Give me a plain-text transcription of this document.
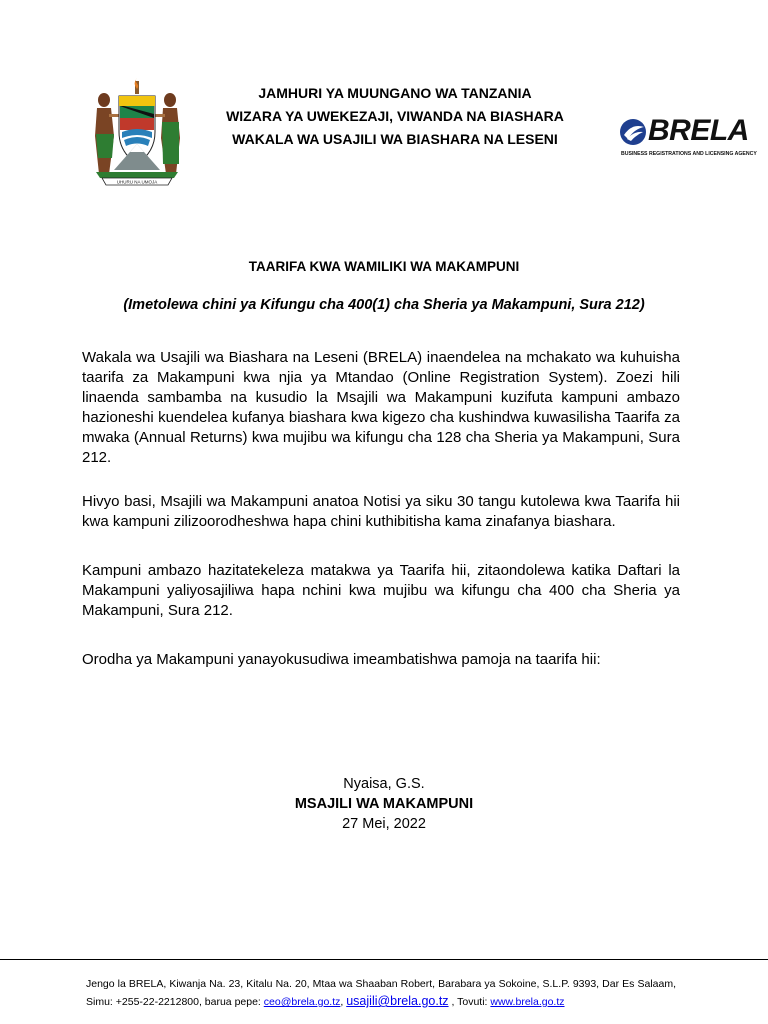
UHURU NA UMOJA
JAMHURI YA MUUNGANO WA TANZANIA
WIZARA YA UWEKEZAJI, VIWANDA NA BIASHARA
WAKALA WA USAJILI WA BIASHARA NA LESENI	BRELA
BUSINESS REGISTRATIONS AND LICENSING AGENCY
TAARIFA KWA WAMILIKI WA MAKAMPUNI
(Imetolewa chini ya Kifungu cha 400(1) cha Sheria ya Makampuni, Sura 212)
Wakala wa Usajili wa Biashara na Leseni (BRELA) inaendelea na mchakato wa kuhuisha taarifa za Makampuni kwa njia ya Mtandao (Online Registration System). Zoezi hili linaenda sambamba na kusudio la Msajili wa Makampuni kuzifuta kampuni ambazo hazioneshi kuendelea kufanya biashara kwa kigezo cha kushindwa kuwasilisha Taarifa za mwaka (Annual Returns) kwa mujibu wa kifungu cha 128 cha Sheria ya Makampuni, Sura 212.
Hivyo basi, Msajili wa Makampuni anatoa Notisi ya siku 30 tangu kutolewa kwa Taarifa hii kwa kampuni zilizoorodheshwa hapa chini kuthibitisha kama zinafanya biashara.
Kampuni ambazo hazitatekeleza matakwa ya Taarifa hii, zitaondolewa katika Daftari la Makampuni yaliyosajiliwa hapa nchini kwa mujibu wa kifungu cha 400 cha Sheria ya Makampuni, Sura 212.
Orodha ya Makampuni yanayokusudiwa imeambatishwa pamoja na taarifa hii:
Nyaisa, G.S.
MSAJILI WA MAKAMPUNI
27 Mei, 2022
Jengo la BRELA, Kiwanja Na. 23, Kitalu Na. 20, Mtaa wa Shaaban Robert, Barabara ya Sokoine, S.L.P. 9393, Dar Es Salaam, Simu: +255-22-2212800, barua pepe: ceo@brela.go.tz, usajili@brela.go.tz , Tovuti: www.brela.go.tz
